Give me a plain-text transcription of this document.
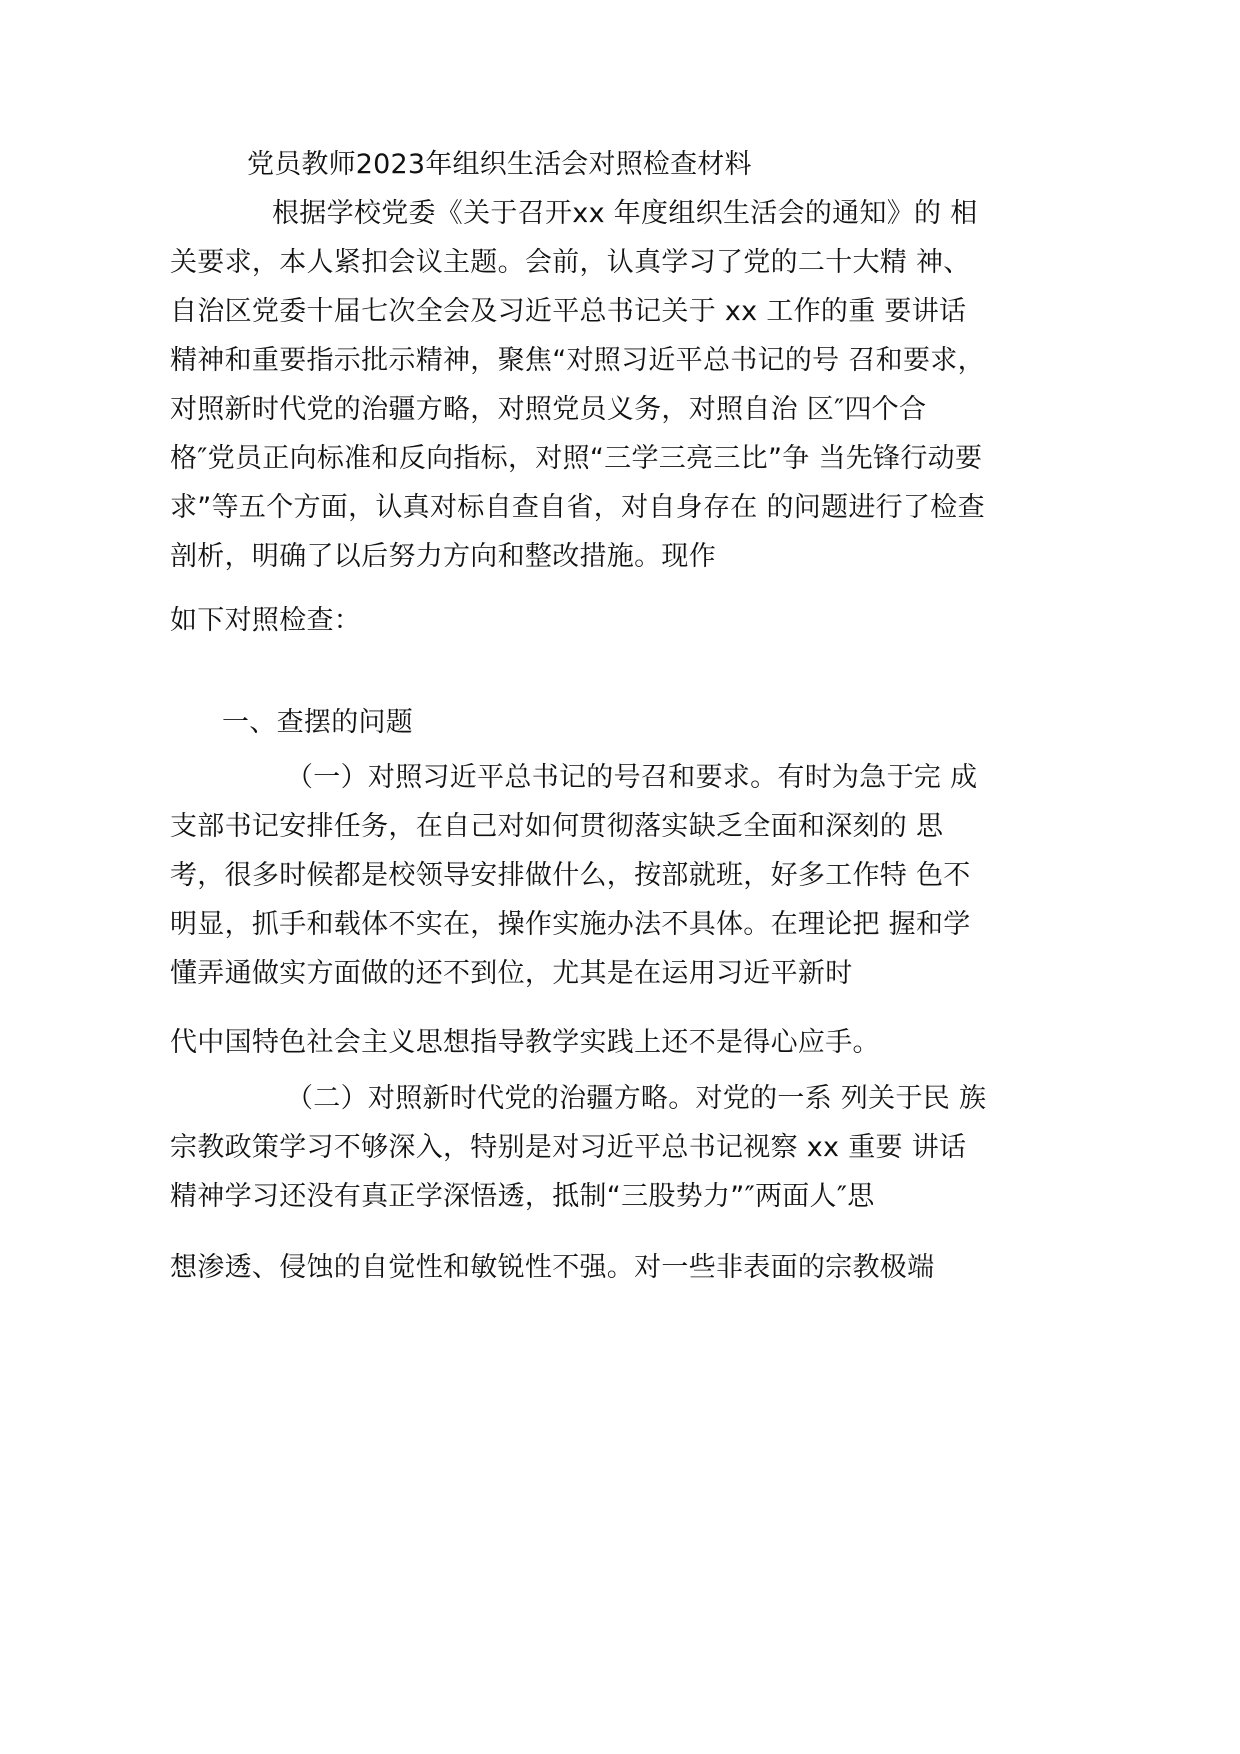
党员教师2023年组织生活会对照检查材料
根据学校党委《关于召开xx 年度组织生活会的通知》的 相
关要求，本人紧扣会议主题。会前，认真学习了党的二十大精 神、
自治区党委十届七次全会及习近平总书记关于 xx 工作的重 要讲话
精神和重要指示批示精神，聚焦“对照习近平总书记的号 召和要求，
对照新时代党的治疆方略，对照党员义务，对照自治 区″四个合
格″党员正向标准和反向指标，对照“三学三亮三比”争 当先锋行动要
求”等五个方面，认真对标自查自省，对自身存在 的问题进行了检查
剖析，明确了以后努力方向和整改措施。现作
如下对照检查：
一、查摆的问题
（一）对照习近平总书记的号召和要求。有时为急于完 成
支部书记安排任务，在自己对如何贯彻落实缺乏全面和深刻的 思
考，很多时候都是校领导安排做什么，按部就班，好多工作特 色不
明显，抓手和载体不实在，操作实施办法不具体。在理论把 握和学
懂弄通做实方面做的还不到位，尤其是在运用习近平新时
代中国特色社会主义思想指导教学实践上还不是得心应手。
（二）对照新时代党的治疆方略。对党的一系 列关于民 族
宗教政策学习不够深入，特别是对习近平总书记视察 xx 重要 讲话
精神学习还没有真正学深悟透，抵制“三股势力”″两面人″思
想渗透、侵蚀的自觉性和敏锐性不强。对一些非表面的宗教极端
